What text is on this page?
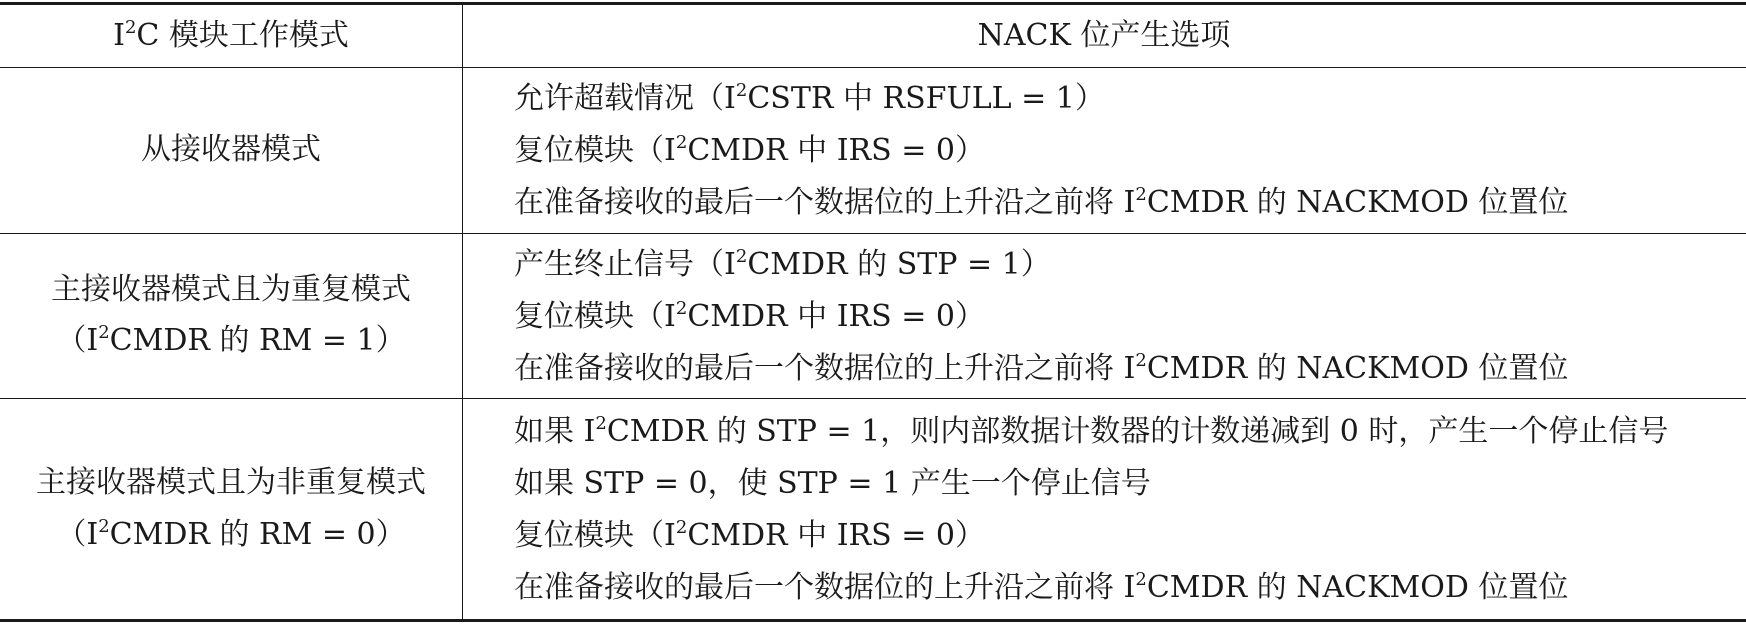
$I^2C$ 模块工作模式	NACK 位产生选项
从接收器模式
允许超载情况（$I^2CSTR$ 中 RSFULL = 1）
复位模块（$I^2CMDR$ 中 IRS = 0）
在准备接收的最后一个数据位的上升沿之前将 $I^2CMDR$ 的 NACKMOD 位置位
主接收器模式且为重复模式
（$I^2CMDR$ 的 RM = 1）
产生终止信号（$I^2CMDR$ 的 STP = 1）
复位模块（$I^2CMDR$ 中 IRS = 0）
在准备接收的最后一个数据位的上升沿之前将 $I^2CMDR$ 的 NACKMOD 位置位
主接收器模式且为非重复模式
（$I^2CMDR$ 的 RM = 0）
如果 $I^2CMDR$ 的 STP = 1，则内部数据计数器的计数递减到 0 时，产生一个停止信号
如果 STP = 0，使 STP = 1 产生一个停止信号
复位模块（$I^2CMDR$ 中 IRS = 0）
在准备接收的最后一个数据位的上升沿之前将 $I^2CMDR$ 的 NACKMOD 位置位
